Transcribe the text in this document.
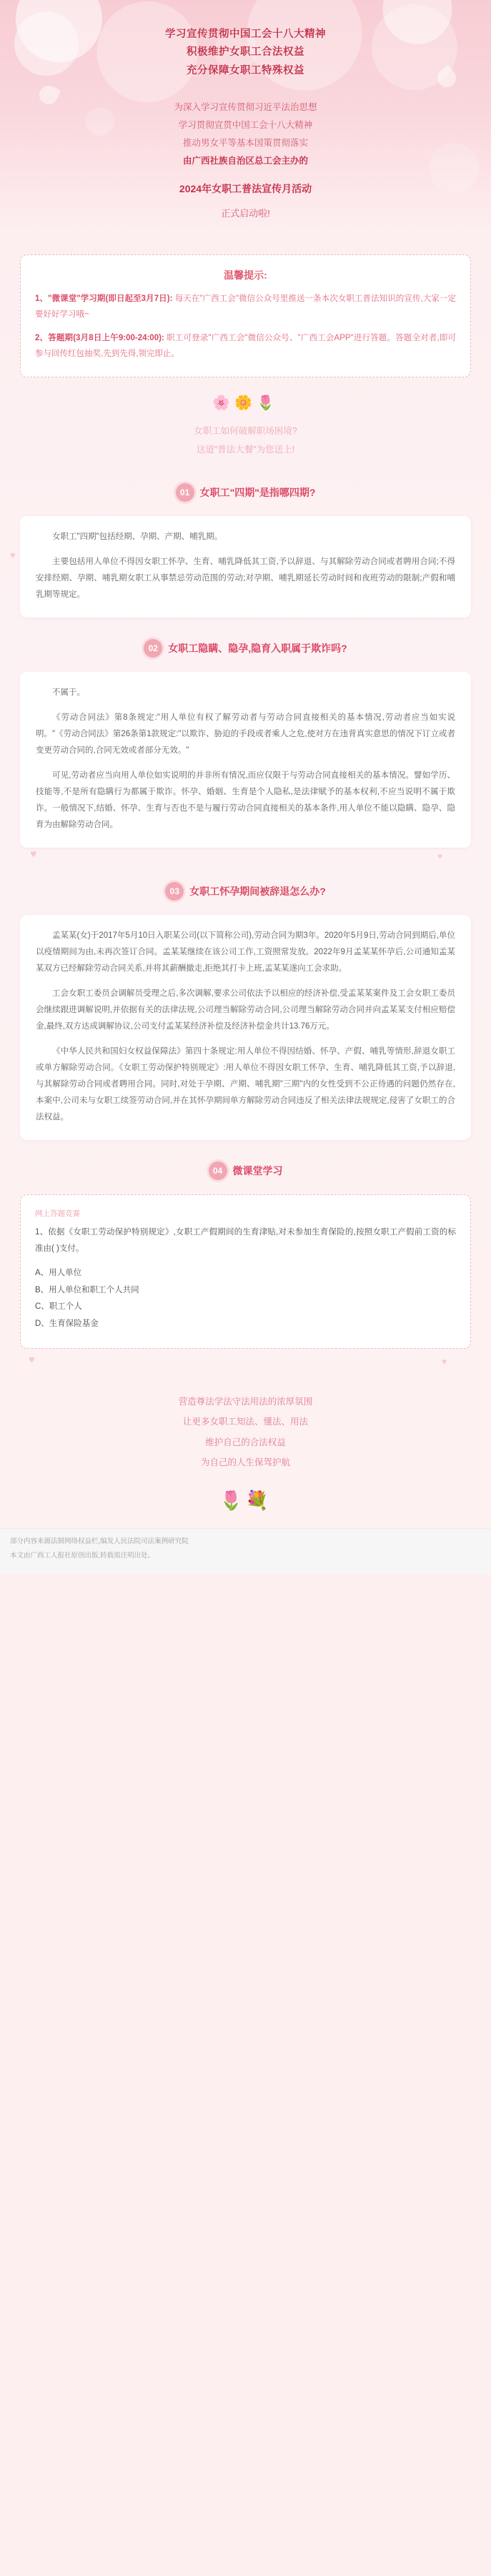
学习宣传贯彻中国工会十八大精神
积极维护女职工合法权益
充分保障女职工特殊权益
为深入学习宣传贯彻习近平法治思想
学习贯彻宣贯中国工会十八大精神
推动男女平等基本国策贯彻落实
由广西社族自治区总工会主办的
2024年女职工普法宣传月活动
正式启动啦!
温馨提示:

1、"微课堂"学习期(即日起至3月7日): 每天在"广西工会"微信公众号里推送一条本次女职工普法知识的宣传,大家一定要好好学习哦~

2、答题期(3月8日上午9:00-24:00): 职工可登录"广西工会"微信公众号、"广西工会APP"进行答题。答题全对者,即可参与回传红包抽奖,先到先得,领完即止。

🌸🌼🌷
女职工如何破解职场困境?
这道"普法大餐"为您送上!
01	女职工"四期"是指哪四期?
♥

女职工"四期"包括经期、孕期、产期、哺乳期。

主要包括用人单位不得因女职工怀孕、生育、哺乳降低其工资,予以辞退、与其解除劳动合同或者聘用合同;不得安排经期、孕期、哺乳期女职工从事禁忌劳动范围的劳动;对孕期、哺乳期延长劳动时间和夜班劳动的限制;产假和哺乳期等规定。

02	女职工隐瞒、隐孕,隐育入职属于欺诈吗?

不属于。

《劳动合同法》第8条规定:"用人单位有权了解劳动者与劳动合同直接相关的基本情况,劳动者应当如实说明。"《劳动合同法》第26条第1款规定:"以欺诈、胁迫的手段或者乘人之危,使对方在违背真实意思的情况下订立或者变更劳动合同的,合同无效或者部分无效。"

可见,劳动者应当向用人单位如实说明的并非所有情况,而应仅限于与劳动合同直接相关的基本情况。譬如学历、技能等,不是所有隐瞒行为都属于欺诈。怀孕、婚姻、生育是个人隐私,是法律赋予的基本权利,不应当说明不属于欺诈。一般情况下,结婚、怀孕、生育与否也不是与履行劳动合同直接相关的基本条件,用人单位不能以隐瞒、隐孕、隐育为由解除劳动合同。

♥	♥
03	女职工怀孕期间被辞退怎么办?

孟某某(女)于2017年5月10日入职某公司(以下简称公司),劳动合同为期3年。2020年5月9日,劳动合同到期后,单位以疫情期间为由,未再次签订合同。孟某某继续在该公司工作,工资照常发放。2022年9月孟某某怀孕后,公司通知孟某某双方已经解除劳动合同关系,并将其薪酬撤走,拒绝其打卡上班,孟某某遂向工会求助。

工会女职工委员会调解员受理之后,多次调解,要求公司依法予以相应的经济补偿,受孟某某案件及工会女职工委员会继续跟进调解说明,并依据有关的法律法规,公司理当解除劳动合同,公司理当解除劳动合同并向孟某某支付相应赔偿金,最终,双方达成调解协议,公司支付孟某某经济补偿及经济补偿金共计13.76万元。

《中华人民共和国妇女权益保障法》第四十条规定:用人单位不得因结婚、怀孕、产假、哺乳等情形,辞退女职工或单方解除劳动合同。《女职工劳动保护特别规定》:用人单位不得因女职工怀孕、生育、哺乳降低其工资,予以辞退,与其解除劳动合同或者聘用合同。同时,对处于孕期、产期、哺乳期"三期"内的女性受到不公正待遇的问题仍然存在,本案中,公司未与女职工续签劳动合同,并在其怀孕期间单方解除劳动合同违反了相关法律法规规定,侵害了女职工的合法权益。

04	微课堂学习
网上答题竞赛

1、依据《女职工劳动保护特别规定》,女职工产假期间的生育津贴,对未参加生育保险的,按照女职工产假前工资的标准由( )支付。

A、用人单位
B、用人单位和职工个人共同
C、职工个人
D、生育保险基金
♥	♥
营造尊法学法守法用法的浓厚氛围
让更多女职工知法、懂法、用法
维护自己的合法权益
为自己的人生保驾护航
🌷💐

部分内容来源法制网络权益栏,编发人民法院司法案例研究院

本文由广西工人报社原创出版,转载需注明出处。
